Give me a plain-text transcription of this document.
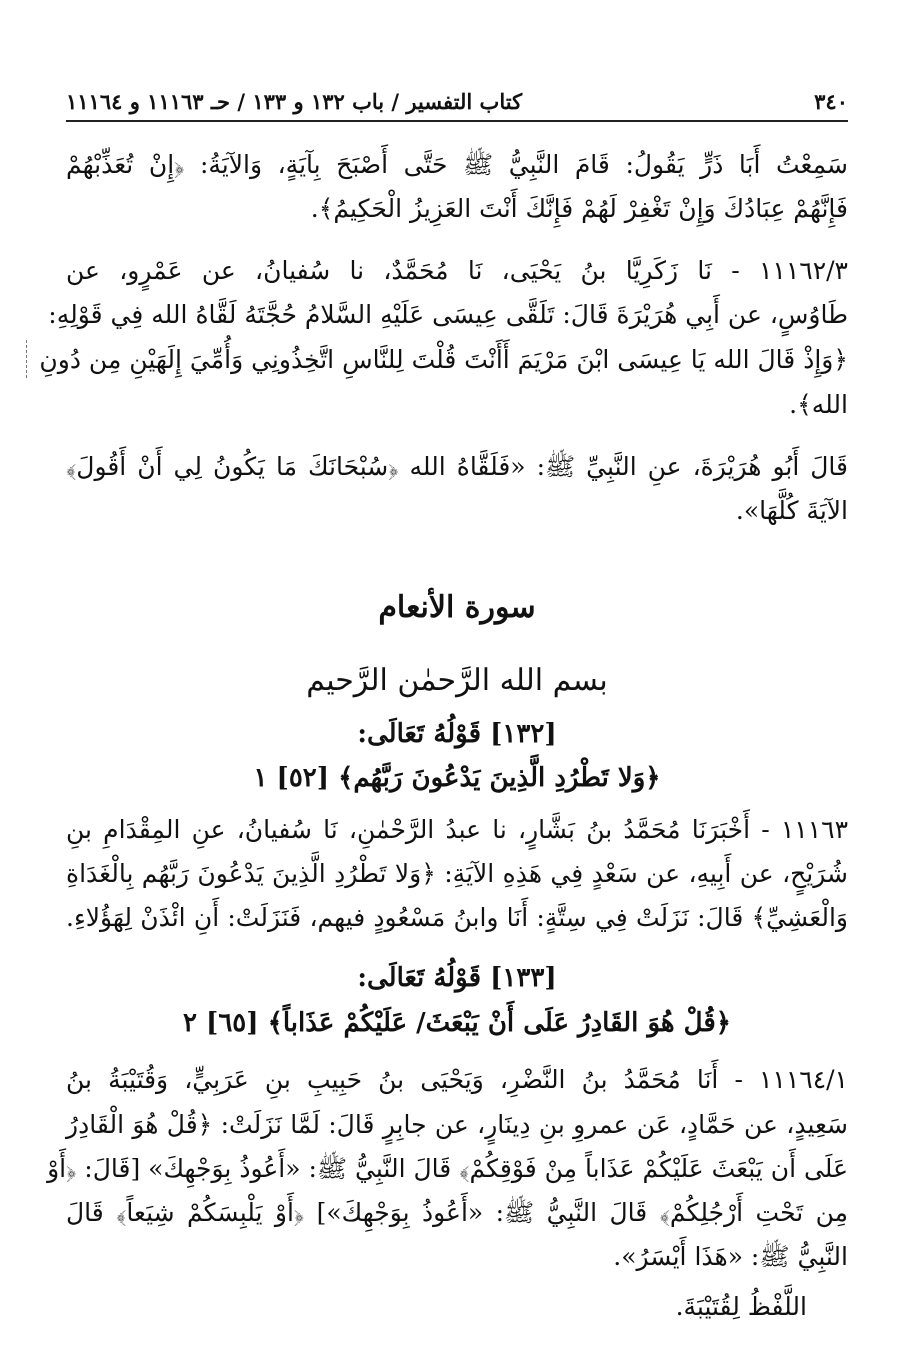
٣٤٠
كتاب التفسير / باب ١٣٢ و ١٣٣ / حـ ١١١٦٣ و ١١١٦٤
سَمِعْتُ أَبَا ذَرٍّ يَقُولُ: قَامَ النَّبِيُّ ﷺ حَتَّى أَصْبَحَ بِآيَةٍ، وَالآيَةُ: ﴿إِنْ تُعَذِّبْهُمْ
فَإِنَّهُمْ عِبَادُكَ وَإِنْ تَغْفِرْ لَهُمْ فَإِنَّكَ أَنْتَ العَزِيزُ الْحَكِيمُ﴾.
١١١٦٢/٣ - نَا زَكَرِيَّا بنُ يَحْيَى، نَا مُحَمَّدٌ، نا سُفيانُ، عن عَمْرٍو، عن
طَاوُسٍ، عن أَبِي هُرَيْرَةَ قَالَ: تَلَقَّى عِيسَى عَلَيْهِ السَّلامُ حُجَّتَهُ لَقَّاهُ الله فِي قَوْلِهِ:
﴿وَإِذْ قَالَ الله يَا عِيسَى ابْنَ مَرْيَمَ أَأَنْتَ قُلْتَ لِلنَّاسِ اتَّخِذُونِي وَأُمِّيَ إِلَهَيْنِ مِن دُونِ
الله﴾.
قَالَ أَبُو هُرَيْرَةَ، عنِ النَّبِيِّ ﷺ: «فَلَقَّاهُ الله ﴿سُبْحَانَكَ مَا يَكُونُ لِي أَنْ أَقُولَ﴾
الآيَةَ كُلَّهَا».
سورة الأنعام
بسم الله الرَّحمٰن الرَّحيم
[١٣٢] قَوْلُهُ تَعَالَى:
﴿وَلا تَطْرُدِ الَّذِينَ يَدْعُونَ رَبَّهُم﴾ [٥٢] ١
١١١٦٣ - أَخْبَرَنَا مُحَمَّدُ بنُ بَشَّارٍ، نا عبدُ الرَّحْمٰنِ، نَا سُفيانُ، عنِ المِقْدَامِ بنِ
شُرَيْحٍ، عن أَبِيهِ، عن سَعْدٍ فِي هَذِهِ الآيَةِ: ﴿وَلا تَطْرُدِ الَّذِينَ يَدْعُونَ رَبَّهُم بِالْغَدَاةِ
وَالْعَشِيِّ﴾ قَالَ: نَزَلَتْ فِي سِتَّةٍ: أَنَا وابنُ مَسْعُودٍ فيهم، فَنَزَلَتْ: أَنِ ائْذَنْ لِهَؤُلاءِ.
[١٣٣] قَوْلُهُ تَعَالَى:
﴿قُلْ هُوَ القَادِرُ عَلَى أَنْ يَبْعَثَ/ عَلَيْكُمْ عَذَاباً﴾ [٦٥] ٢
١١١٦٤/١ - أَنَا مُحَمَّدُ بنُ النَّضْرِ، وَيَحْيَى بنُ حَبِيبِ بنِ عَرَبِيٍّ، وَقُتَيْبَةُ بنُ
سَعِيدٍ، عن حَمَّادٍ، عَن عمروِ بنِ دِينَارٍ، عن جابِرٍ قَالَ: لَمَّا نَزَلَتْ: ﴿قُلْ هُوَ الْقَادِرُ
عَلَى أَن يَبْعَثَ عَلَيْكُمْ عَذَاباً مِنْ فَوْقِكُمْ﴾ قَالَ النَّبِيُّ ﷺ: «أَعُوذُ بِوَجْهِكَ» [قَالَ: ﴿أَوْ
مِن تَحْتِ أَرْجُلِكُمْ﴾ قَالَ النَّبِيُّ ﷺ: «أَعُوذُ بِوَجْهِكَ»] ﴿أَوْ يَلْبِسَكُمْ شِيَعاً﴾ قَالَ
النَّبِيُّ ﷺ: «هَذَا أَيْسَرُ».
اللَّفْظُ لِقُتَيْبَةَ.
